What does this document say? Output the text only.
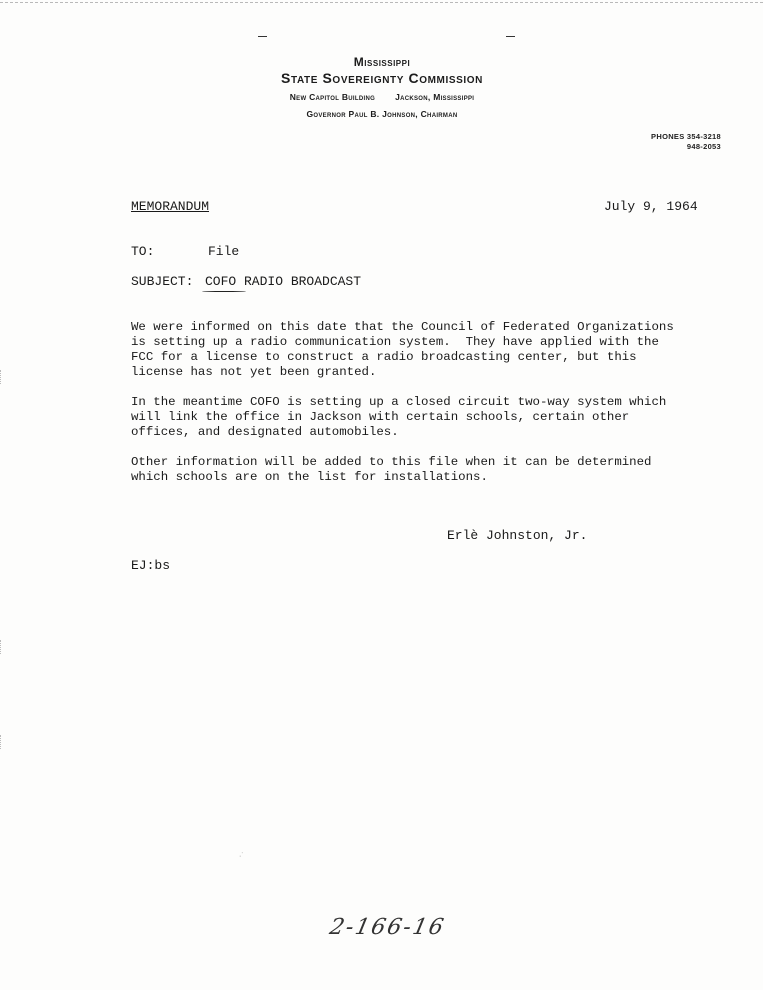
Mississippi
State Sovereignty Commission
New Capitol Building Jackson, Mississippi
Governor Paul B. Johnson, Chairman
PHONES 354-3218
948-2053
MEMORANDUM	July 9, 1964
TO:	File
SUBJECT: COFO RADIO BROADCAST
We were informed on this date that the Council of Federated Organizations
is setting up a radio communication system.  They have applied with the
FCC for a license to construct a radio broadcasting center, but this
license has not yet been granted.
In the meantime COFO is setting up a closed circuit two-way system which
will link the office in Jackson with certain schools, certain other
offices, and designated automobiles.
Other information will be added to this file when it can be determined
which schools are on the list for installations.
Erlè Johnston, Jr.
EJ:bs
·˙
2-166-16
